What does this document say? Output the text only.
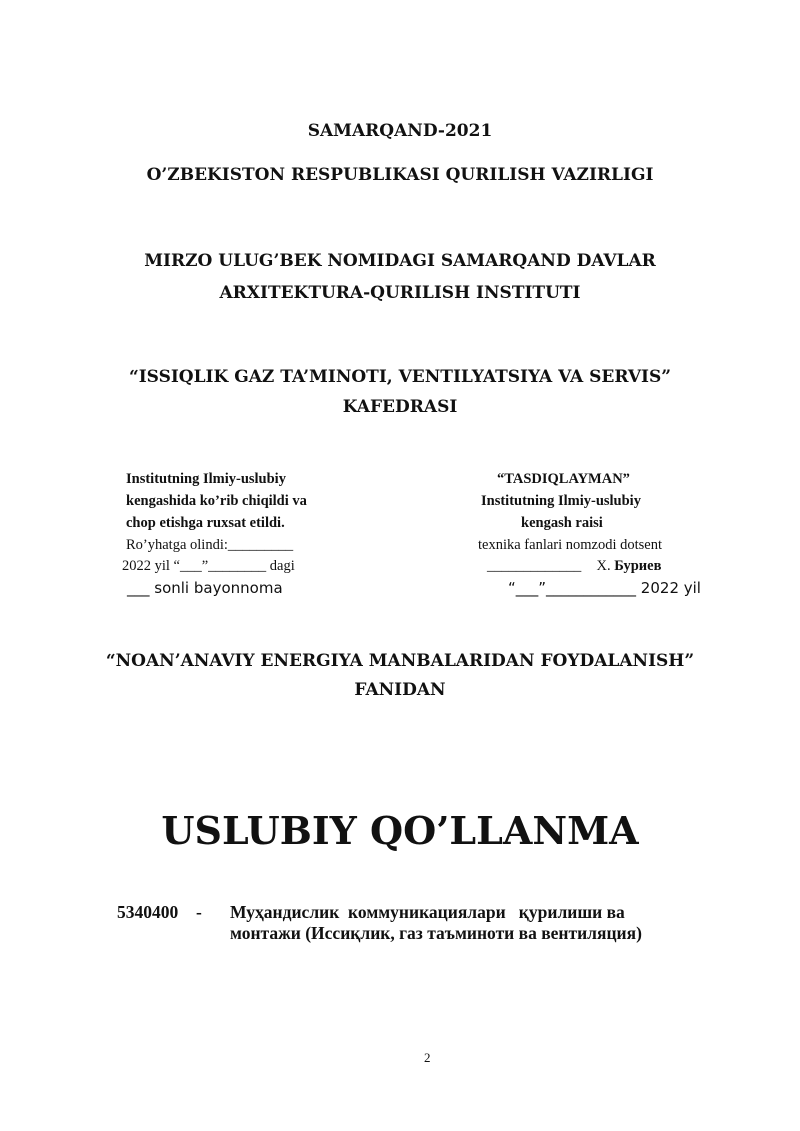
SAMARQAND-2021
O’ZBEKISTON RESPUBLIKASI QURILISH VAZIRLIGI
MIRZO ULUG’BEK NOMIDAGI SAMARQAND DAVLAR
ARXITEKTURA-QURILISH INSTITUTI
“ISSIQLIK GAZ TA’MINOTI, VENTILYATSIYA VA SERVIS”
KAFEDRASI
Institutning Ilmiy-uslubiy
kengashida ko’rib chiqildi va
chop etishga ruxsat etildi.
Ro’yhatga olindi:_________
2022 yil “___”________ dagi
___ sonli bayonnoma
“TASDIQLAYMAN”
Institutning Ilmiy-uslubiy
kengash raisi
texnika fanlari nomzodi dotsent
_____________ Х. Буриев
“___”____________ 2022 yil
“NOAN’ANAVIY ENERGIYA MANBALARIDAN FOYDALANISH”
FANIDAN
USLUBIY QO’LLANMA
5340400 - Муҳандислик  коммуникациялари   қурилиши ва
монтажи (Иссиқлик, газ таъминоти ва вентиляция)
2
